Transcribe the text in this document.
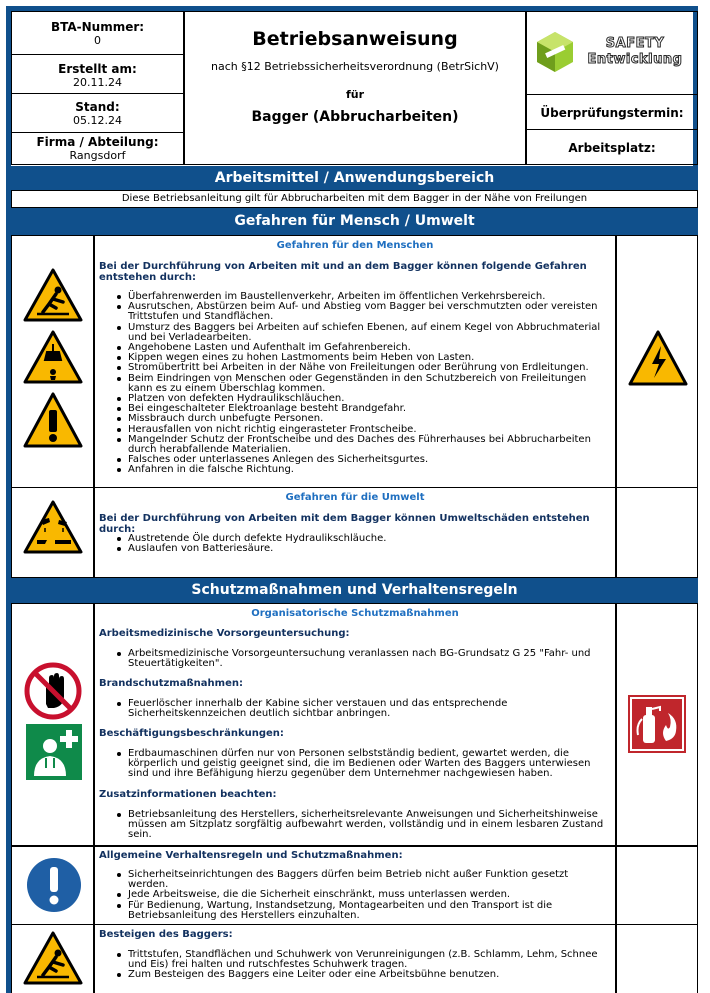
BTA-Nummer:
0
Erstellt am:
20.11.24
Stand:
05.12.24
Firma / Abteilung:
Rangsdorf
Betriebsanweisung
nach §12 Betriebssicherheitsverordnung (BetrSichV)
für
Bagger (Abbrucharbeiten)
SAFETY
Entwicklung
Überprüfungstermin:
Arbeitsplatz:
Arbeitsmittel / Anwendungsbereich
Diese Betriebsanleitung gilt für Abbrucharbeiten mit dem Bagger in der Nähe von Freilungen
Gefahren für Mensch / Umwelt
Gefahren für den Menschen
Bei der Durchführung von Arbeiten mit und an dem Bagger können folgende Gefahren entstehen durch:
Überfahrenwerden im Baustellenverkehr, Arbeiten im öffentlichen Verkehrsbereich.
Ausrutschen, Abstürzen beim Auf- und Abstieg vom Bagger bei verschmutzten oder vereisten Trittstufen und Standflächen.
Umsturz des Baggers bei Arbeiten auf schiefen Ebenen, auf einem Kegel von Abbruchmaterial und bei Verladearbeiten.
Angehobene Lasten und Aufenthalt im Gefahrenbereich.
Kippen wegen eines zu hohen Lastmoments beim Heben von Lasten.
Stromübertritt bei Arbeiten in der Nähe von Freileitungen oder Berührung von Erdleitungen.
Beim Eindringen von Menschen oder Gegenständen in den Schutzbereich von Freileitungen kann es zu einem Überschlag kommen.
Platzen von defekten Hydraulikschläuchen.
Bei eingeschalteter Elektroanlage besteht Brandgefahr.
Missbrauch durch unbefugte Personen.
Herausfallen von nicht richtig eingerasteter Frontscheibe.
Mangelnder Schutz der Frontscheibe und des Daches des Führerhauses bei Abbrucharbeiten durch herabfallende Materialien.
Falsches oder unterlassenes Anlegen des Sicherheitsgurtes.
Anfahren in die falsche Richtung.
Gefahren für die Umwelt
Bei der Durchführung von Arbeiten mit dem Bagger können Umweltschäden entstehen durch:
Austretende Öle durch defekte Hydraulikschläuche.
Auslaufen von Batteriesäure.
Schutzmaßnahmen und Verhaltensregeln
Organisatorische Schutzmaßnahmen
Arbeitsmedizinische Vorsorgeuntersuchung:
Arbeitsmedizinische Vorsorgeuntersuchung veranlassen nach BG-Grundsatz G 25 "Fahr- und Steuertätigkeiten".
Brandschutzmaßnahmen:
Feuerlöscher innerhalb der Kabine sicher verstauen und das entsprechende Sicherheitskennzeichen deutlich sichtbar anbringen.
Beschäftigungsbeschränkungen:
Erdbaumaschinen dürfen nur von Personen selbstständig bedient, gewartet werden, die körperlich und geistig geeignet sind, die im Bedienen oder Warten des Baggers unterwiesen sind und ihre Befähigung hierzu gegenüber dem Unternehmer nachgewiesen haben.
Zusatzinformationen beachten:
Betriebsanleitung des Herstellers, sicherheitsrelevante Anweisungen und Sicherheitshinweise müssen am Sitzplatz sorgfältig aufbewahrt werden, vollständig und in einem lesbaren Zustand sein.
Allgemeine Verhaltensregeln und Schutzmaßnahmen:
Sicherheitseinrichtungen des Baggers dürfen beim Betrieb nicht außer Funktion gesetzt werden.
Jede Arbeitsweise, die die Sicherheit einschränkt, muss unterlassen werden.
Für Bedienung, Wartung, Instandsetzung, Montagearbeiten und den Transport ist die Betriebsanleitung des Herstellers einzuhalten.
Besteigen des Baggers:
Trittstufen, Standflächen und Schuhwerk von Verunreinigungen (z.B. Schlamm, Lehm, Schnee und Eis) frei halten und rutschfestes Schuhwerk tragen.
Zum Besteigen des Baggers eine Leiter oder eine Arbeitsbühne benutzen.
